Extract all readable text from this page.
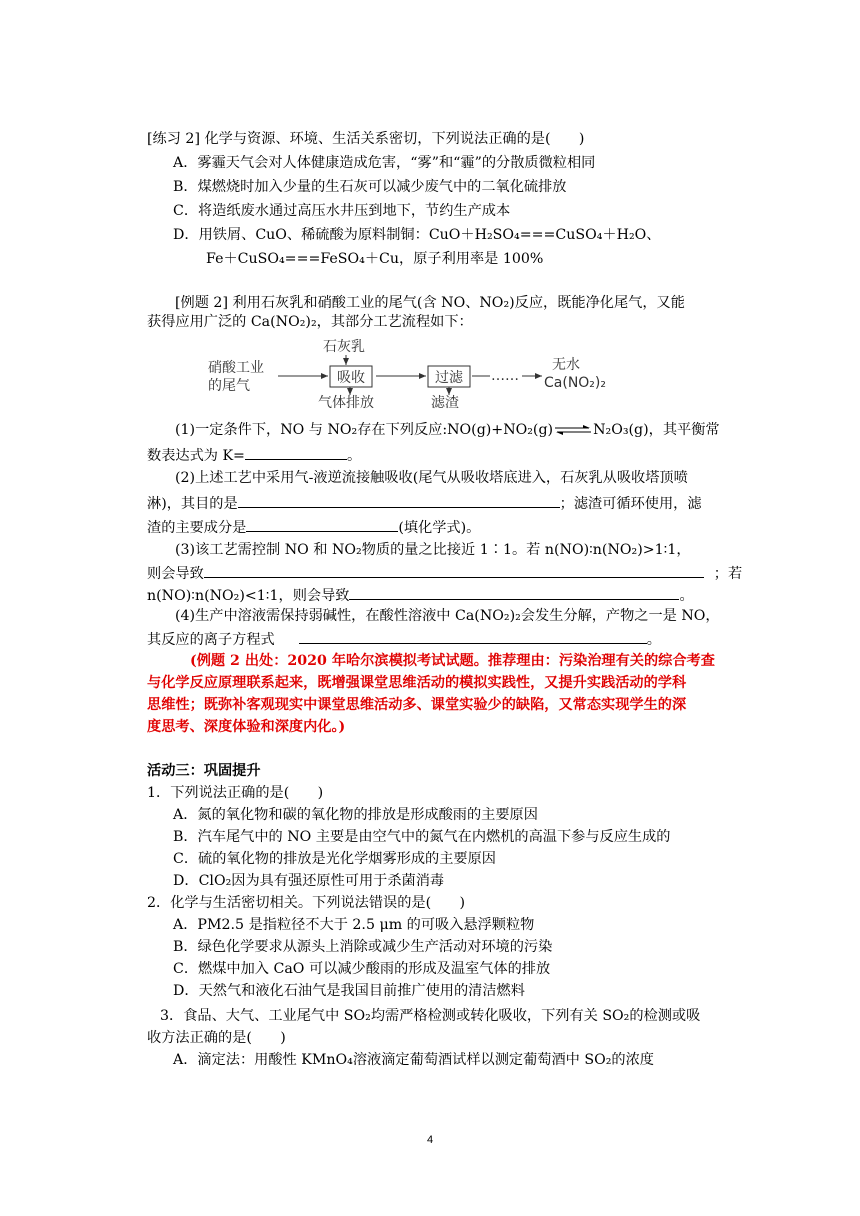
[练习 2] 化学与资源、环境、生活关系密切，下列说法正确的是(　　)
A．雾霾天气会对人体健康造成危害，“雾”和“霾”的分散质微粒相同
B．煤燃烧时加入少量的生石灰可以减少废气中的二氧化硫排放
C．将造纸废水通过高压水井压到地下，节约生产成本
D．用铁屑、CuO、稀硫酸为原料制铜：CuO＋H₂SO₄===CuSO₄＋H₂O、
Fe＋CuSO₄===FeSO₄＋Cu，原子利用率是 100%
[例题 2] 利用石灰乳和硝酸工业的尾气(含 NO、NO₂)反应，既能净化尾气，又能
获得应用广泛的 Ca(NO₂)₂，其部分工艺流程如下：
硝酸工业
的尾气
石灰乳
吸收
气体排放
过滤
滤渣
……
无水
Ca(NO₂)₂
(1)一定条件下，NO 与 NO₂存在下列反应:NO(g)+NO₂(g)⇌N₂O₃(g)，其平衡常
数表达式为 K=	。
(2)上述工艺中采用气-液逆流接触吸收(尾气从吸收塔底进入，石灰乳从吸收塔顶喷
淋)，其目的是	；滤渣可循环使用，滤
渣的主要成分是	(填化学式)。
(3)该工艺需控制 NO 和 NO₂物质的量之比接近 1∶1。若 n(NO)∶n(NO₂)>1∶1，
则会导致	；若
n(NO)∶n(NO₂)<1∶1，则会导致	。
(4)生产中溶液需保持弱碱性，在酸性溶液中 Ca(NO₂)₂会发生分解，产物之一是 NO，
其反应的离子方程式	。
(例题 2 出处：2020 年哈尔滨模拟考试试题。推荐理由：污染治理有关的综合考查
与化学反应原理联系起来，既增强课堂思维活动的模拟实践性，又提升实践活动的学科
思维性；既弥补客观现实中课堂思维活动多、课堂实验少的缺陷，又常态实现学生的深
度思考、深度体验和深度内化。)
活动三：巩固提升
1．下列说法正确的是(　　)
A．氮的氧化物和碳的氧化物的排放是形成酸雨的主要原因
B．汽车尾气中的 NO 主要是由空气中的氮气在内燃机的高温下参与反应生成的
C．硫的氧化物的排放是光化学烟雾形成的主要原因
D．ClO₂因为具有强还原性可用于杀菌消毒
2．化学与生活密切相关。下列说法错误的是(　　)
A．PM2.5 是指粒径不大于 2.5 μm 的可吸入悬浮颗粒物
B．绿色化学要求从源头上消除或减少生产活动对环境的污染
C．燃煤中加入 CaO 可以减少酸雨的形成及温室气体的排放
D．天然气和液化石油气是我国目前推广使用的清洁燃料
3．食品、大气、工业尾气中 SO₂均需严格检测或转化吸收，下列有关 SO₂的检测或吸
收方法正确的是(　　)
A．滴定法：用酸性 KMnO₄溶液滴定葡萄酒试样以测定葡萄酒中 SO₂的浓度
4
